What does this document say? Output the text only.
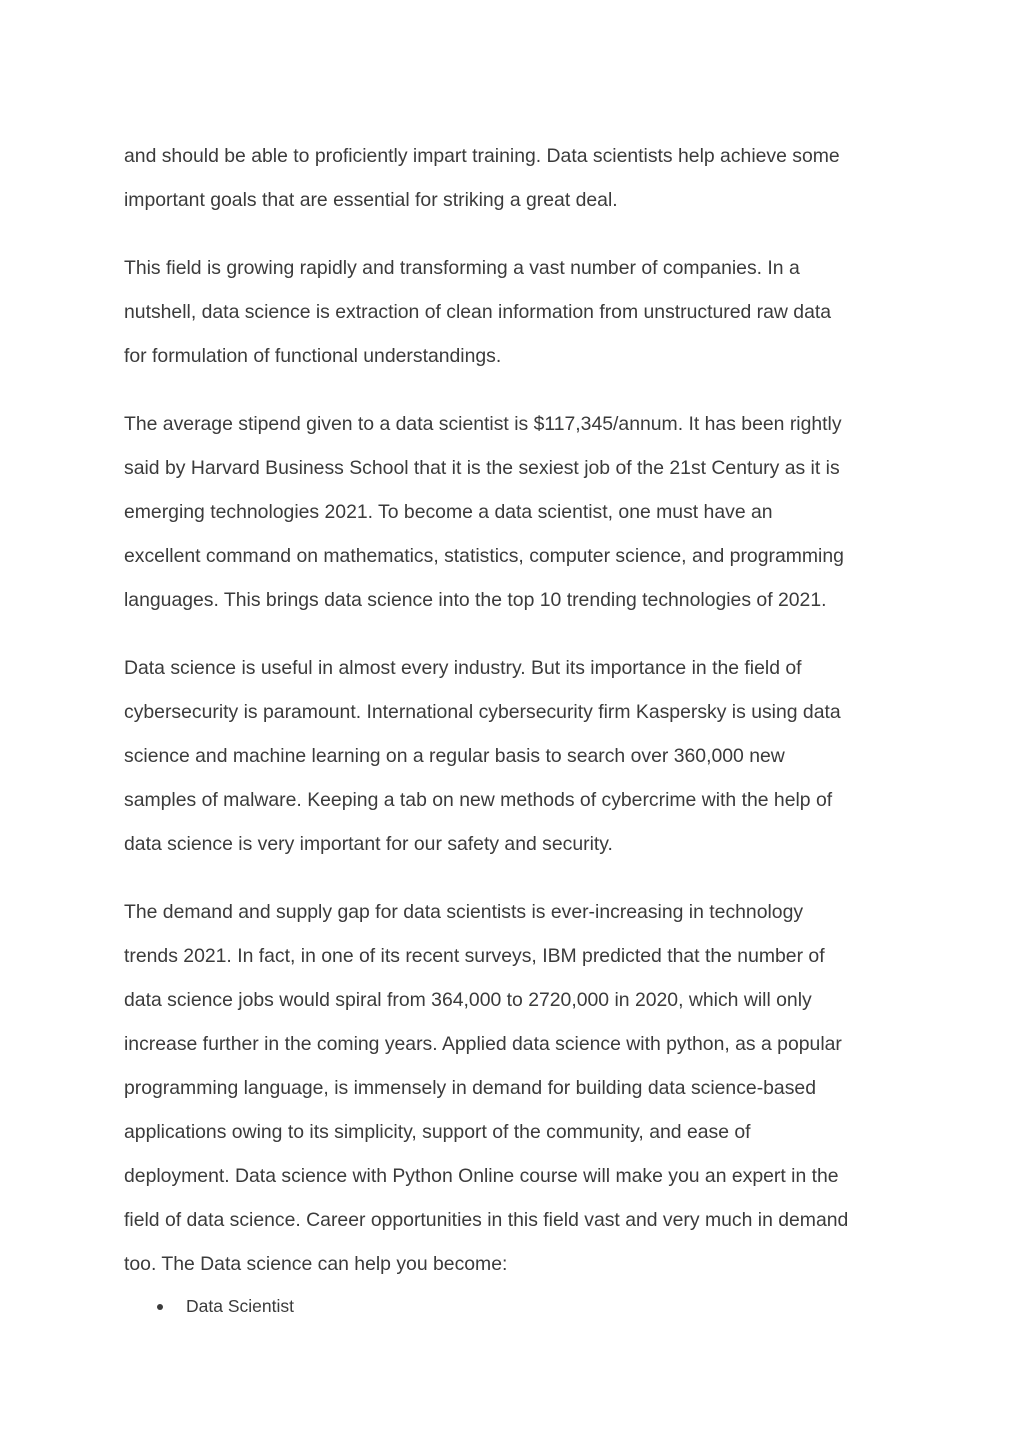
and should be able to proficiently impart training. Data scientists help achieve some
important goals that are essential for striking a great deal.

This field is growing rapidly and transforming a vast number of companies. In a
nutshell, data science is extraction of clean information from unstructured raw data
for formulation of functional understandings.

The average stipend given to a data scientist is $117,345/annum. It has been rightly
said by Harvard Business School that it is the sexiest job of the 21st Century as it is
emerging technologies 2021. To become a data scientist, one must have an
excellent command on mathematics, statistics, computer science, and programming
languages. This brings data science into the top 10 trending technologies of 2021.

Data science is useful in almost every industry. But its importance in the field of
cybersecurity is paramount. International cybersecurity firm Kaspersky is using data
science and machine learning on a regular basis to search over 360,000 new
samples of malware. Keeping a tab on new methods of cybercrime with the help of
data science is very important for our safety and security.

The demand and supply gap for data scientists is ever-increasing in technology
trends 2021. In fact, in one of its recent surveys, IBM predicted that the number of
data science jobs would spiral from 364,000 to 2720,000 in 2020, which will only
increase further in the coming years. Applied data science with python, as a popular
programming language, is immensely in demand for building data science-based
applications owing to its simplicity, support of the community, and ease of
deployment. Data science with Python Online course will make you an expert in the
field of data science. Career opportunities in this field vast and very much in demand
too. The Data science can help you become:

Data Scientist
